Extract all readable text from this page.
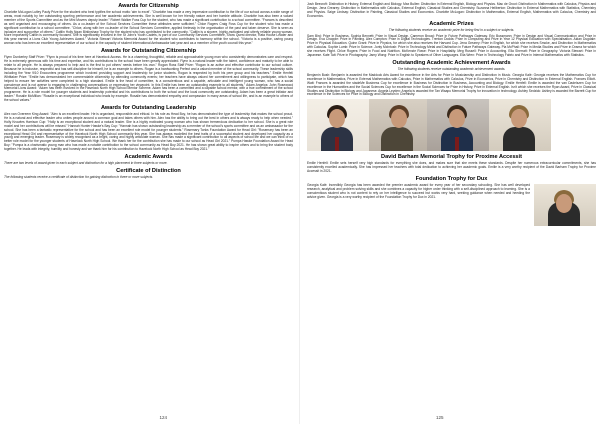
Awards for Citizenship

Charlotte McLogan Lutley Pauly Prize for the student who best typifies the school motto 'aim to excel'. "Charlotte has made a very impressive contribution to the life of our school across a wide range of areas, most notably by her outstanding sporting performance and her academic achievements. She is well known for her friendly nature and her humble attitude. Charlotte has also been a valued member of the Sports Committee and as the Mini Movers deputy leader." Robert Walker Foss Cup for the student, who has made a significant contribution to a school committee. "Frances is described as well organised and encouraging of others. As a co-leader of the School Services Committee these attributes were sufficient." Chloe Rogers Craig Foss Cup for the student who has made a significant contribution to a school committee. "Chloe, along with her co-leader of the School Services Committee, applied tirelessly in the organisation of the past and taken deserve. She is seen as inclusive and supportive of others." Caitlin Holly Ngan Birkinshaw Trophy for the student who has contributed to the community. "Caitlin is a sincere, highly-motivated and utterly reliable young woman. More importantly Caitlin is community focused. She is significantly involved in the St John's Youth Cadets, is part of our Community Services Committee, Show Quest director, Rata House Leader and this year earned a Lions Club Young Achievers Award." Victoria Stewart Victoria Memorial Award for the student who contributes to harmony within the school. "Victoria is a positive, caring young woman who has been an excellent representative of our school in the capacity of student International Ambassador last year and as a member of the youth council this year."

Awards for Outstanding Citizenship

Flynn Dunkerley Staff Prize: "Flynn is proud of his time here at Havelock Access. He is a charming, thoughtful, reliable and approachable young man who consistently demonstrates care and respect. He is extremely generous with his time and expertise, and his contributions to the school have been greatly appreciated. Flynn is a natural leader with the talent, confidence and maturity to be able to relate to all people. He is always prepared to help and is the first to put others' needs before his own." Rogan Ross Staff Prize: "Rogan is an active and effective contributor to our school culture. Because he is inclusive, respectful and has self-discipline for himself, he is an example to others. Rogan is a hardworking Prefect and a valued member of the school community. These leadership skills including the Year 9/10 Encounters programme which involved providing support and leadership for junior students. Rogan is respected by both his peer group and his teachers." Emilie Henfell Whittaker Prize: "Emilie has demonstrated her commendable citizenship by attending community events; her teachers have always valued her commitment and willingness to participate, which has helped to ensure her activities were completed to a high standard. Emilie is the head of committee, is a conscientious and a capable, articulate and intelligent young woman, who has a social conscience and is not averse to engaging in challenging conversations or expressing her viewpoint. In this Emilie has been an outstanding example to all students." Adam Angelos: John Rosewood Memorial Lions Award: "Adam has been involved in the Havelock North High School Mentor Scheme. Adam has been a committed and a capable school mentor, with a true commitment of the school programme. He is a role model for younger students and leadership potential and his contributions to both the school and the local community are outstanding. Adam has been a great initiator and leader." Rosalie McMillan: "Rosalie is an exceptional individual who leads by example. Rosalie has demonstrated empathy and compassion in many areas of school life, and is an example to others of the school values."

Awards for Outstanding Leadership

Alex van Overeem King Award: "Alex is an excellent leader. He is organised, responsible and ethical. In his role as Head Boy, he has demonstrated the type of leadership that makes the school proud. He is a natural and effective leader who unites people around a common goal and takes others with him. Alex has the ability to bring out the best in others and is always ready to help when needed." Holly Knowles Harrison Cup: "Holly is an exceptional student and a natural leader. She is a highly motivated young woman who has shown tremendous dedication to her school. She is a great role model and her contributions will be missed." Hannah Hunter Hawke's Bay Cup: "Hannah has shown outstanding leadership as a member of the school's sports committee and as an ambassador for the school. She has been a fantastic representative for the school and has been an excellent role model for younger students." Rosemary Tonks Foundation Award for Head Girl: "Rosemary has been an exceptional Head Girl and representative of the Havelock North High School community this year. She has always modelled the best traits of a successful student and developed her capacity as a young and emerging leader. Rosemary is widely recognised as a bright, caring and highly articulate woman. She has made a significant contribution to all aspects of school life and we can think of no better role model for the younger students of Havelock North High School. We thank her for the contribution she has made to our school as Head Girl 2021." Pumpa Hawke Foundation Award for Head Boy: "Pumpa is a charismatic young man who has made a notable contribution to the school community as Head Boy 2021. He has shown great ability to inspire others and to bring the student body together. He leads with integrity, humility and honesty and we thank him for his contribution to Havelock North High School as Head Boy 2021."

Academic Awards

There are two levels of award given in each subject and distinction for a high placement in three subjects or more.

Certificate of Distinction

The following students receive a certificate of distinction for gaining distinction in three or more subjects.

124

Josh Beecroft: Distinction in History, External English and Biology. Max Bullen: Distinction in External English, Biology and Physics. Mac de Groot: Distinction in Mathematics with Calculus, Physics and Design. Jena Grearey: Distinction in Mathematics with Calculus, External English, Classical Studies and Chemistry. Suzanna Heilberton: Distinction in External Mathematics with Statistics, Chemistry and Physics. Saige Lindsay: Distinction in Painting, Classical Studies and Economics. Charlotte McLogan: Distinction in Mathematics, External English, Mathematics with Calculus, Chemistry and Economics.

Academic Prizes

The following students receive an academic prize for being first in a subject or subjects.

Sam Bird: Prize in Business. Sophia Bennett: Prize in Visual Design. Cameron Broad: Prize in Future Pathways Gateway. Eric Bussmann: Prize in Design and Visual Communication and Prize in Design. Eva Chapple: Prize in Painting. Alex Compton: Prize in Digital Technologies. Trenton Dodds: Prize in Computing and Prize in Year 12 Physical Education with Specialisation. Aidan Dugdale: Prize in Physical Education. Quinn Grant: Prize in Physics, for which she also receives the Harvard Cup. Jena Grearey: Prize in English, for which she receives Smoke, and Distinction in Mathematics with Calculus. Sophie Lumb: Prize in Science. Jonty McIntosh: Prize in Technology Metal and Distinction in Future Pathways Gateway. Pia McPhail: Prize in Media Studies and Prize in Drama for which she receives Flight. Chloe Rogers: Prize in Food and Nutrition. McKenzie Rowe: Prize in Hospitality. Meg Russell: Prize in Accounting. Ella Sherratt: Prize in Geography. Victoria Stewart: Prize in Japanese. Kate Tait: Prize in Photography. Jamy Wong: Prize in English to Speakers of Other Languages. Ella Wren: Prize in Technology Fabric and Prize in Internal Mathematics with Statistics.

Outstanding Academic Achievement Awards

The following students receive outstanding academic achievement awards.

Benjamin Bush: Benjamin is awarded the Maddock Arts Award for excellence in the Arts for Prize in Musicianship and Distinction in Music. Georgia Kalé: Georgia receives the Mathematics Cup for excellence in Mathematics, Prize in External Mathematics with Calculus, Prize in Mathematics with Calculus, Prize in Economics, Prize in Chemistry and Distinction in External English. Frances Elliott-Watt: Frances is awarded the stadeMe Business Cup for excellence in Business for Distinction in Business, Accounting and Biology. Emilie Henfell: Emilie is awarded the van Dadelszen Cup for excellence in the Humanities and the Social Sciences Cup for excellence in the Social Sciences for Prize in History, Prize in External English. Isn't which she receives the Ryan Award, Prize in Classical Studies and Distinction in Biology and Japanese. Angela Leyden: Angela is awarded the Tan Waapu Memorial Trophy for innovation in technology. Ashley Sedzick: Ashley is awarded the Barrett Cup for excellence in the Sciences for Prize in Biology and Distinction in Chemistry.

David Barham Memorial Trophy for Proxime Accessit

Emilie Henfell: Emilie sets herself very high standards for everything she does, and makes sure that she meets these standards. Despite her numerous extracurricular commitments, she has consistently excelled academically. She has impressed her teachers with total dedication to achieving her academic goals. Emilie is a very worthy recipient of the David Barham Trophy for Proxime Accessit in 2021.

Foundation Trophy for Dux

Georgia Kalé: Incredibly Georgia has been awarded the premier academic award for every year of her secondary schooling. She has well developed research, analytical and problem solving skills and she combines a capacity for higher order thinking with a self-disciplined approach to learning. She is a conscientious student who is not content to rely on her intelligence to succeed but works very hard, seeking guidance when needed and heeding the advice given. Georgia is a very worthy recipient of the Foundation Trophy for Dux in 2021.

125
